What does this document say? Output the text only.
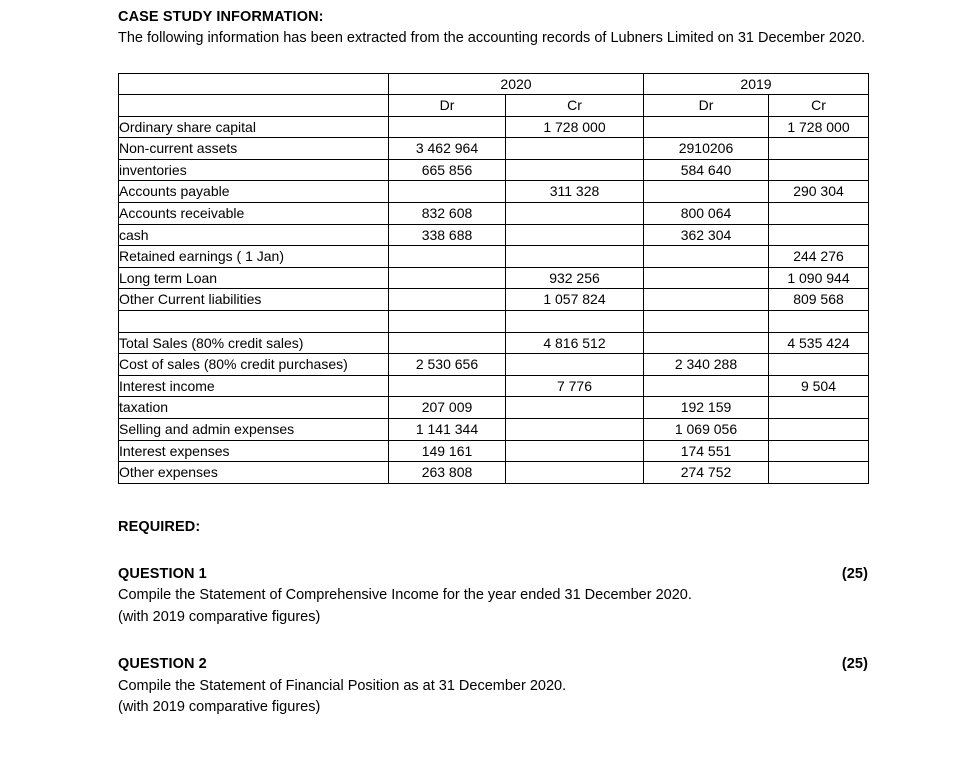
CASE STUDY INFORMATION:
The following information has been extracted from the accounting records of Lubners Limited on 31 December 2020.
	2020		2019	
	Dr	Cr	Dr	Cr
Ordinary share capital		1 728 000		1 728 000
Non-current assets	3 462 964		2910206	
inventories	665 856		584 640	
Accounts payable		311 328		290 304
Accounts receivable	832 608		800 064	
cash	338 688		362 304	
Retained earnings ( 1 Jan)				244 276
Long term Loan		932 256		1 090 944
Other Current liabilities		1 057 824		809 568

Total Sales (80% credit sales)		4 816 512		4 535 424
Cost of sales (80% credit purchases)	2 530 656		2 340 288	
Interest income		7 776		9 504
taxation	207 009		192 159	
Selling and admin expenses	1 141 344		1 069 056	
Interest expenses	149 161		174 551	
Other expenses	263 808		274 752	
REQUIRED:
QUESTION 1	(25)
Compile the Statement of Comprehensive Income for the year ended 31 December 2020.
(with 2019 comparative figures)
QUESTION 2	(25)
Compile the Statement of Financial Position as at 31 December 2020.
(with 2019 comparative figures)
